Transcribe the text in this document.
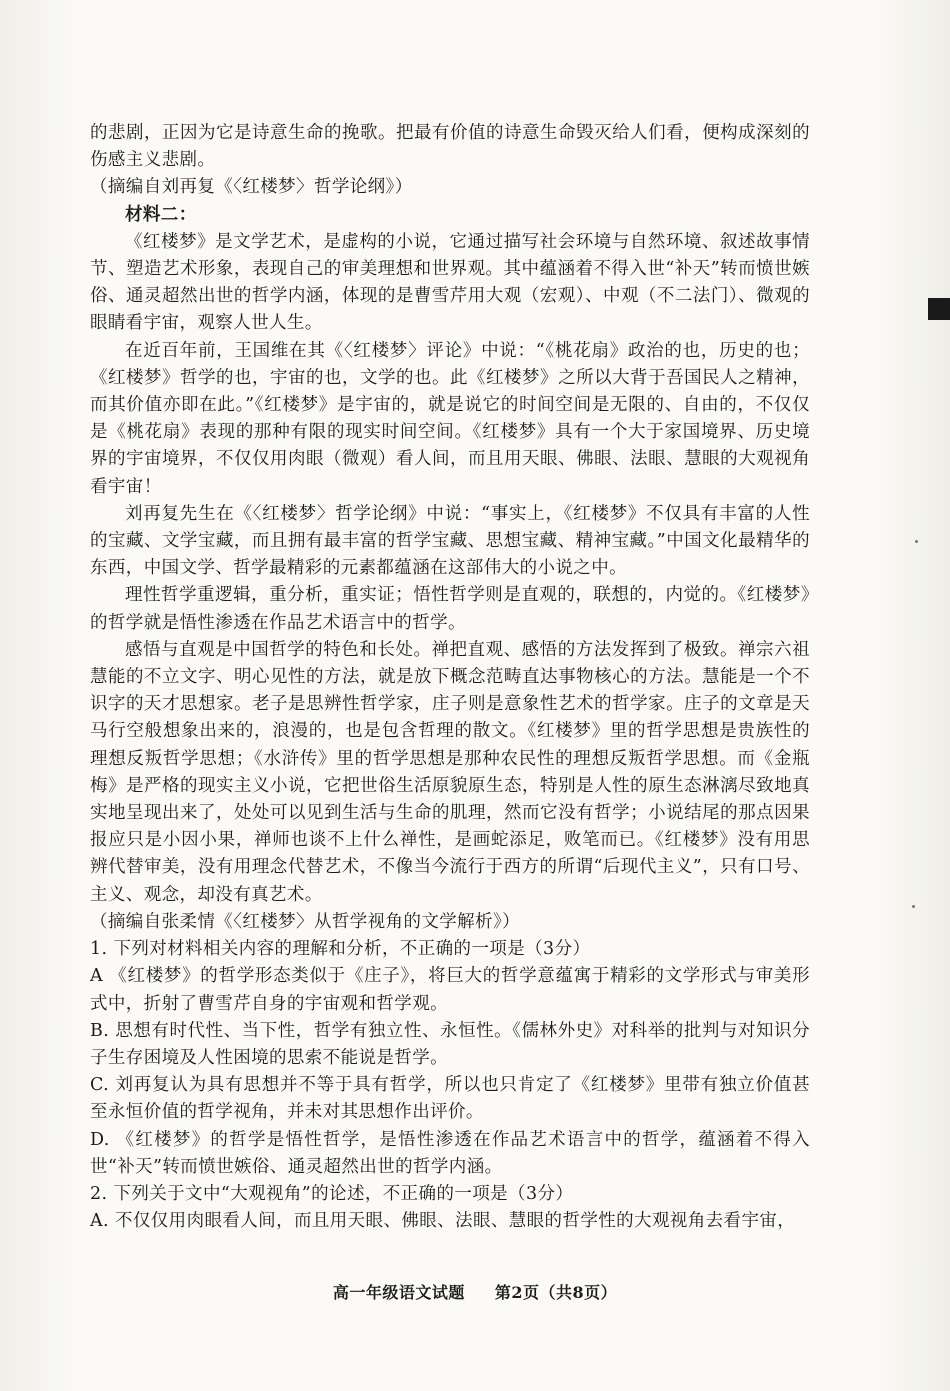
的悲剧，正因为它是诗意生命的挽歌。把最有价值的诗意生命毁灭给人们看，便构成深刻的伤感主义悲剧。

（摘编自刘再复《〈红楼梦〉哲学论纲》）

材料二：

《红楼梦》是文学艺术，是虚构的小说，它通过描写社会环境与自然环境、叙述故事情节、塑造艺术形象，表现自己的审美理想和世界观。其中蕴涵着不得入世“补天”转而愤世嫉俗、通灵超然出世的哲学内涵，体现的是曹雪芹用大观（宏观）、中观（不二法门）、微观的眼睛看宇宙，观察人世人生。

在近百年前，王国维在其《〈红楼梦〉评论》中说：“《桃花扇》政治的也，历史的也；《红楼梦》哲学的也，宇宙的也，文学的也。此《红楼梦》之所以大背于吾国民人之精神，而其价值亦即在此。”《红楼梦》是宇宙的，就是说它的时间空间是无限的、自由的，不仅仅是《桃花扇》表现的那种有限的现实时间空间。《红楼梦》具有一个大于家国境界、历史境界的宇宙境界，不仅仅用肉眼（微观）看人间，而且用天眼、佛眼、法眼、慧眼的大观视角看宇宙！

刘再复先生在《〈红楼梦〉哲学论纲》中说：“事实上，《红楼梦》不仅具有丰富的人性的宝藏、文学宝藏，而且拥有最丰富的哲学宝藏、思想宝藏、精神宝藏。”中国文化最精华的东西，中国文学、哲学最精彩的元素都蕴涵在这部伟大的小说之中。

理性哲学重逻辑，重分析，重实证；悟性哲学则是直观的，联想的，内觉的。《红楼梦》的哲学就是悟性渗透在作品艺术语言中的哲学。

感悟与直观是中国哲学的特色和长处。禅把直观、感悟的方法发挥到了极致。禅宗六祖慧能的不立文字、明心见性的方法，就是放下概念范畴直达事物核心的方法。慧能是一个不识字的天才思想家。老子是思辨性哲学家，庄子则是意象性艺术的哲学家。庄子的文章是天马行空般想象出来的，浪漫的，也是包含哲理的散文。《红楼梦》里的哲学思想是贵族性的理想反叛哲学思想；《水浒传》里的哲学思想是那种农民性的理想反叛哲学思想。而《金瓶梅》是严格的现实主义小说，它把世俗生活原貌原生态，特别是人性的原生态淋漓尽致地真实地呈现出来了，处处可以见到生活与生命的肌理，然而它没有哲学；小说结尾的那点因果报应只是小因小果，禅师也谈不上什么禅性，是画蛇添足，败笔而已。《红楼梦》没有用思辨代替审美，没有用理念代替艺术，不像当今流行于西方的所谓“后现代主义”，只有口号、主义、观念，却没有真艺术。

（摘编自张柔情《〈红楼梦〉从哲学视角的文学解析》）

1. 下列对材料相关内容的理解和分析，不正确的一项是（3分）

A 《红楼梦》的哲学形态类似于《庄子》，将巨大的哲学意蕴寓于精彩的文学形式与审美形式中，折射了曹雪芹自身的宇宙观和哲学观。

B. 思想有时代性、当下性，哲学有独立性、永恒性。《儒林外史》对科举的批判与对知识分子生存困境及人性困境的思索不能说是哲学。

C. 刘再复认为具有思想并不等于具有哲学，所以也只肯定了《红楼梦》里带有独立价值甚至永恒价值的哲学视角，并未对其思想作出评价。

D. 《红楼梦》的哲学是悟性哲学，是悟性渗透在作品艺术语言中的哲学，蕴涵着不得入世“补天”转而愤世嫉俗、通灵超然出世的哲学内涵。

2. 下列关于文中“大观视角”的论述，不正确的一项是（3分）

A. 不仅仅用肉眼看人间，而且用天眼、佛眼、法眼、慧眼的哲学性的大观视角去看宇宙，

高一年级语文试题 第2页（共8页）
